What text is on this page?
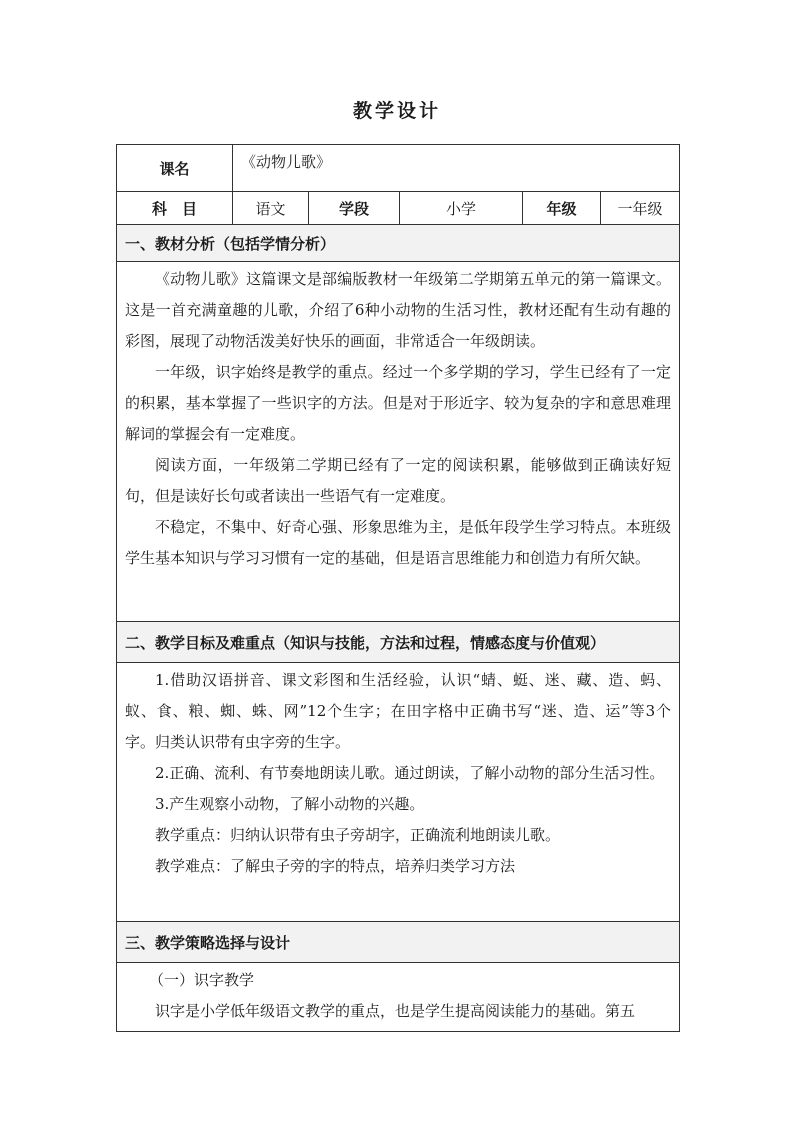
教学设计
课名	《动物儿歌》				
科　目	语文	学段	小学	年级	一年级
一、教材分析（包括学情分析）					

《动物儿歌》这篇课文是部编版教材一年级第二学期第五单元的第一篇课文。这是一首充满童趣的儿歌，介绍了6种小动物的生活习性，教材还配有生动有趣的彩图，展现了动物活泼美好快乐的画面，非常适合一年级朗读。

一年级，识字始终是教学的重点。经过一个多学期的学习，学生已经有了一定的积累，基本掌握了一些识字的方法。但是对于形近字、较为复杂的字和意思难理解词的掌握会有一定难度。

阅读方面，一年级第二学期已经有了一定的阅读积累，能够做到正确读好短句，但是读好长句或者读出一些语气有一定难度。

不稳定，不集中、好奇心强、形象思维为主，是低年段学生学习特点。本班级学生基本知识与学习习惯有一定的基础，但是语言思维能力和创造力有所欠缺。					

二、教学目标及难重点（知识与技能，方法和过程，情感态度与价值观）					

1.借助汉语拼音、课文彩图和生活经验，认识“蜻、蜓、迷、藏、造、蚂、蚁、食、粮、蜘、蛛、网”12个生字；在田字格中正确书写“迷、造、运”等3个字。归类认识带有虫字旁的生字。

2.正确、流利、有节奏地朗读儿歌。通过朗读，了解小动物的部分生活习性。

3.产生观察小动物，了解小动物的兴趣。

教学重点：归纳认识带有虫子旁胡字，正确流利地朗读儿歌。

教学难点：了解虫子旁的字的特点，培养归类学习方法					

三、教学策略选择与设计					

（一）识字教学

识字是小学低年级语文教学的重点，也是学生提高阅读能力的基础。第五					
